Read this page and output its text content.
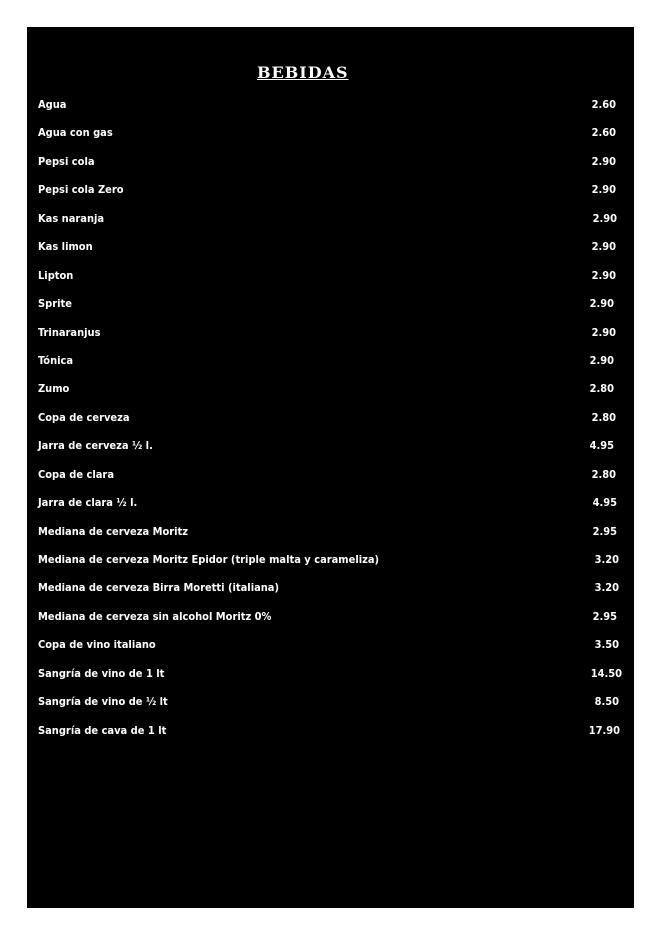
BEBIDAS
Agua	2.60
Agua con gas	2.60
Pepsi cola	2.90
Pepsi cola Zero	2.90
Kas naranja	2.90
Kas limon	2.90
Lipton	2.90
Sprite	2.90
Trinaranjus	2.90
Tónica	2.90
Zumo	2.80
Copa de cerveza	2.80
Jarra de cerveza ½ l.	4.95
Copa de clara	2.80
Jarra de clara ½ l.	4.95
Mediana de cerveza Moritz	2.95
Mediana de cerveza Moritz Epidor (triple malta y carameliza)	3.20
Mediana de cerveza Birra Moretti (italiana)	3.20
Mediana de cerveza sin alcohol Moritz 0%	2.95
Copa de vino italiano	3.50
Sangría de vino de 1 lt	14.50
Sangría de vino de ½ lt	8.50
Sangría de cava de 1 lt	17.90
